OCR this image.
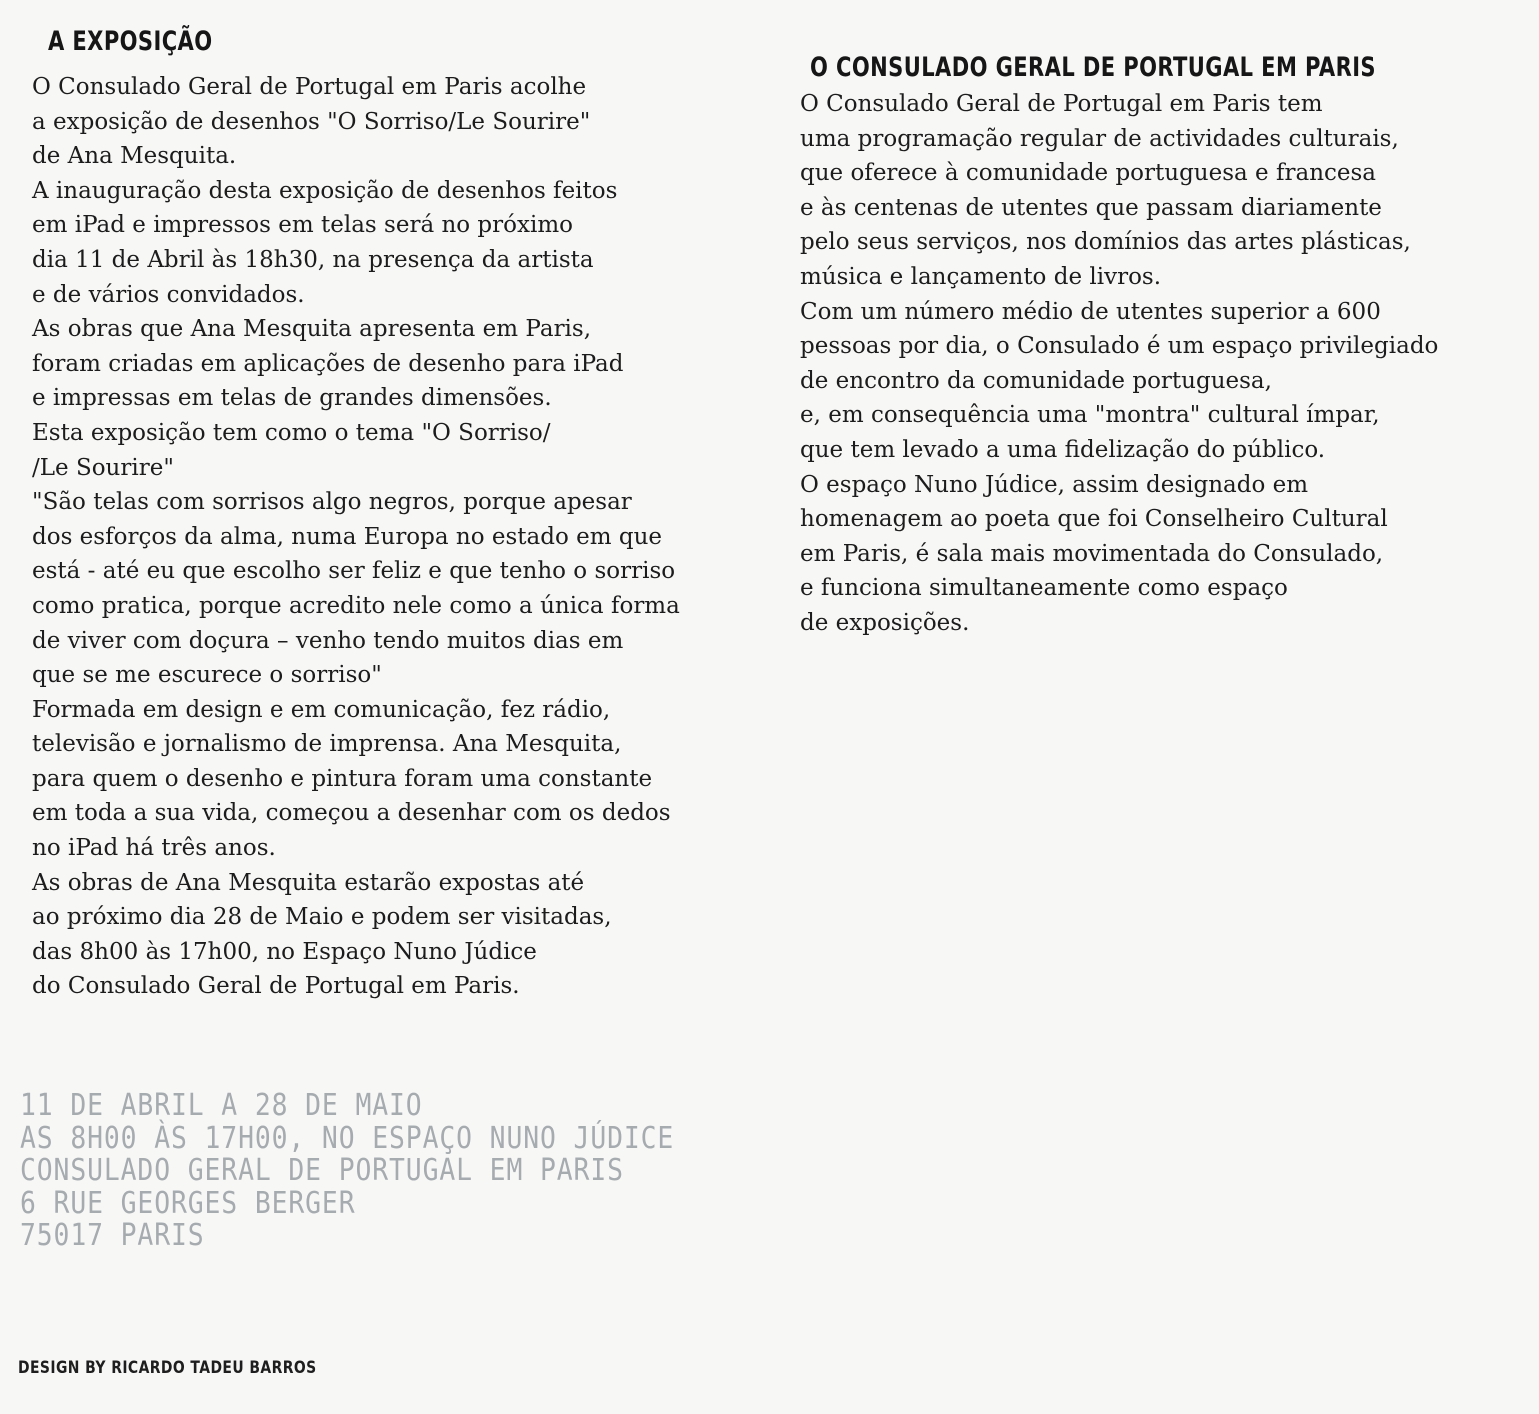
A EXPOSIÇÃO
O Consulado Geral de Portugal em Paris acolhe
a exposição de desenhos "O Sorriso/Le Sourire"
de Ana Mesquita.
A inauguração desta exposição de desenhos feitos
em iPad e impressos em telas será no próximo
dia 11 de Abril às 18h30, na presença da artista
e de vários convidados.
As obras que Ana Mesquita apresenta em Paris,
foram criadas em aplicações de desenho para iPad
e impressas em telas de grandes dimensões.
Esta exposição tem como o tema "O Sorriso/
/Le Sourire"
"São telas com sorrisos algo negros, porque apesar
dos esforços da alma, numa Europa no estado em que
está - até eu que escolho ser feliz e que tenho o sorriso
como pratica, porque acredito nele como a única forma
de viver com doçura – venho tendo muitos dias em
que se me escurece o sorriso"
Formada em design e em comunicação, fez rádio,
televisão e jornalismo de imprensa. Ana Mesquita,
para quem o desenho e pintura foram uma constante
em toda a sua vida, começou a desenhar com os dedos
no iPad há três anos.
As obras de Ana Mesquita estarão expostas até
ao próximo dia 28 de Maio e podem ser visitadas,
das 8h00 às 17h00, no Espaço Nuno Júdice
do Consulado Geral de Portugal em Paris.
O CONSULADO GERAL DE PORTUGAL EM PARIS
O Consulado Geral de Portugal em Paris tem
uma programação regular de actividades culturais,
que oferece à comunidade portuguesa e francesa
e às centenas de utentes que passam diariamente
pelo seus serviços, nos domínios das artes plásticas,
música e lançamento de livros.
Com um número médio de utentes superior a 600
pessoas por dia, o Consulado é um espaço privilegiado
de encontro da comunidade portuguesa,
e, em consequência uma "montra" cultural ímpar,
que tem levado a uma fidelização do público.
O espaço Nuno Júdice, assim designado em
homenagem ao poeta que foi Conselheiro Cultural
em Paris, é sala mais movimentada do Consulado,
e funciona simultaneamente como espaço
de exposições.
11 DE ABRIL A 28 DE MAIO
AS 8H00 ÀS 17H00, NO ESPAÇO NUNO JÚDICE
CONSULADO GERAL DE PORTUGAL EM PARIS
6 RUE GEORGES BERGER
75017 PARIS

DESIGN BY RICARDO TADEU BARROS
